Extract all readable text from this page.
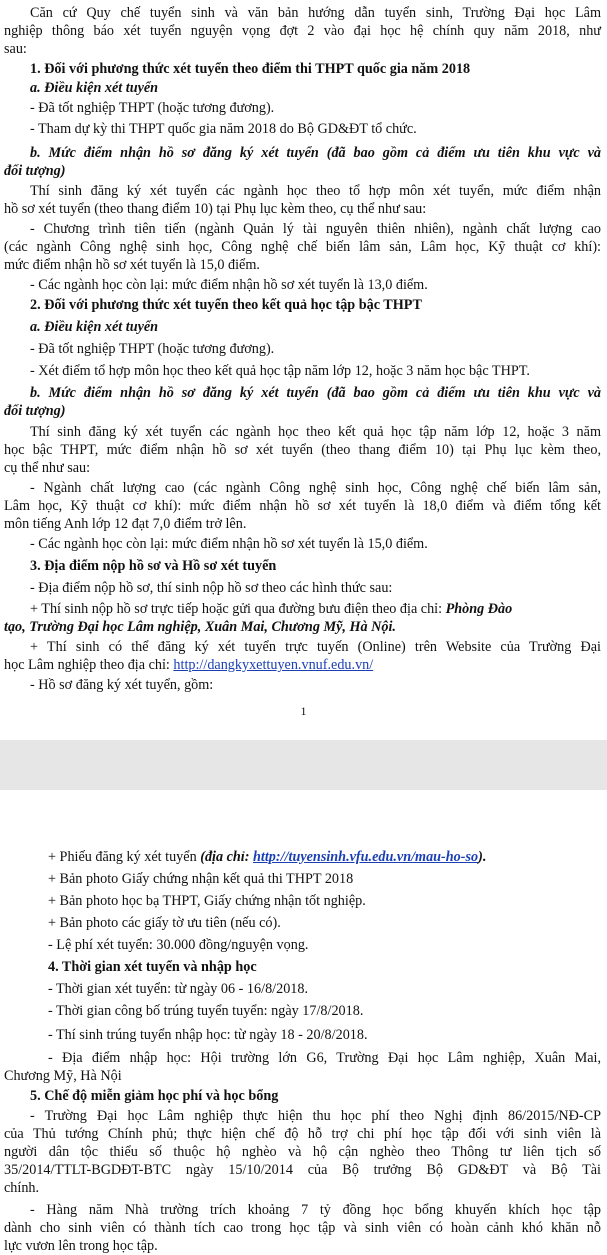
Căn cứ Quy chế tuyển sinh và văn bản hướng dẫn tuyển sinh, Trường Đại học Lâm
nghiệp thông báo xét tuyển nguyện vọng đợt 2 vào đại học hệ chính quy năm 2018, như
sau:
1. Đối với phương thức xét tuyển theo điểm thi THPT quốc gia năm 2018
a. Điều kiện xét tuyển
- Đã tốt nghiệp THPT (hoặc tương đương).
- Tham dự kỳ thi THPT quốc gia năm 2018 do Bộ GD&ĐT tổ chức.
b. Mức điểm nhận hồ sơ đăng ký xét tuyển (đã bao gồm cả điểm ưu tiên khu vực và
đối tượng)
Thí sinh đăng ký xét tuyển các ngành học theo tổ hợp môn xét tuyển, mức điểm nhận
hồ sơ xét tuyển (theo thang điểm 10) tại Phụ lục kèm theo, cụ thể như sau:
- Chương trình tiên tiến (ngành Quản lý tài nguyên thiên nhiên), ngành chất lượng cao
(các ngành Công nghệ sinh học, Công nghệ chế biến lâm sản, Lâm học, Kỹ thuật cơ khí):
mức điểm nhận hồ sơ xét tuyển là 15,0 điểm.
- Các ngành học còn lại: mức điểm nhận hồ sơ xét tuyển là 13,0 điểm.
2. Đối với phương thức xét tuyển theo kết quả học tập bậc THPT
a. Điều kiện xét tuyển
- Đã tốt nghiệp THPT (hoặc tương đương).
- Xét điểm tổ hợp môn học theo kết quả học tập năm lớp 12, hoặc 3 năm học bậc THPT.
b. Mức điểm nhận hồ sơ đăng ký xét tuyển (đã bao gồm cả điểm ưu tiên khu vực và
đối tượng)
Thí sinh đăng ký xét tuyển các ngành học theo kết quả học tập năm lớp 12, hoặc 3 năm
học bậc THPT, mức điểm nhận hồ sơ xét tuyển (theo thang điểm 10) tại Phụ lục kèm theo,
cụ thể như sau:
- Ngành chất lượng cao (các ngành Công nghệ sinh học, Công nghệ chế biến lâm sản,
Lâm học, Kỹ thuật cơ khí): mức điểm nhận hồ sơ xét tuyển là 18,0 điểm và điểm tổng kết
môn tiếng Anh lớp 12 đạt 7,0 điểm trở lên.
- Các ngành học còn lại: mức điểm nhận hồ sơ xét tuyển là 15,0 điểm.
3. Địa điểm nộp hồ sơ và Hồ sơ xét tuyển
- Địa điểm nộp hồ sơ, thí sinh nộp hồ sơ theo các hình thức sau:
+ Thí sinh nộp hồ sơ trực tiếp hoặc gửi qua đường bưu điện theo địa chỉ: Phòng Đào
tạo, Trường Đại học Lâm nghiệp, Xuân Mai, Chương Mỹ, Hà Nội.
+ Thí sinh có thể đăng ký xét tuyển trực tuyến (Online) trên Website của Trường Đại
học Lâm nghiệp theo địa chỉ: http://dangkyxettuyen.vnuf.edu.vn/
- Hồ sơ đăng ký xét tuyển, gồm:
1
+ Phiếu đăng ký xét tuyển (địa chỉ: http://tuyensinh.vfu.edu.vn/mau-ho-so).
+ Bản photo Giấy chứng nhận kết quả thi THPT 2018
+ Bản photo học bạ THPT, Giấy chứng nhận tốt nghiệp.
+ Bản photo các giấy tờ ưu tiên (nếu có).
- Lệ phí xét tuyển: 30.000 đồng/nguyện vọng.
4. Thời gian xét tuyển và nhập học
- Thời gian xét tuyển: từ ngày 06 - 16/8/2018.
- Thời gian công bố trúng tuyển tuyển: ngày 17/8/2018.
- Thí sinh trúng tuyển nhập học: từ ngày 18 - 20/8/2018.
- Địa điểm nhập học: Hội trường lớn G6, Trường Đại học Lâm nghiệp, Xuân Mai,
Chương Mỹ, Hà Nội
5. Chế độ miễn giảm học phí và học bổng
- Trường Đại học Lâm nghiệp thực hiện thu học phí theo Nghị định 86/2015/NĐ-CP
của Thủ tướng Chính phủ; thực hiện chế độ hỗ trợ chi phí học tập đối với sinh viên là
người dân tộc thiểu số thuộc hộ nghèo và hộ cận nghèo theo Thông tư liên tịch số
35/2014/TTLT-BGDĐT-BTC ngày 15/10/2014 của Bộ trưởng Bộ GD&ĐT và Bộ Tài
chính.
- Hàng năm Nhà trường trích khoảng 7 tỷ đồng học bổng khuyến khích học tập
dành cho sinh viên có thành tích cao trong học tập và sinh viên có hoàn cảnh khó khăn nỗ
lực vươn lên trong học tập.
